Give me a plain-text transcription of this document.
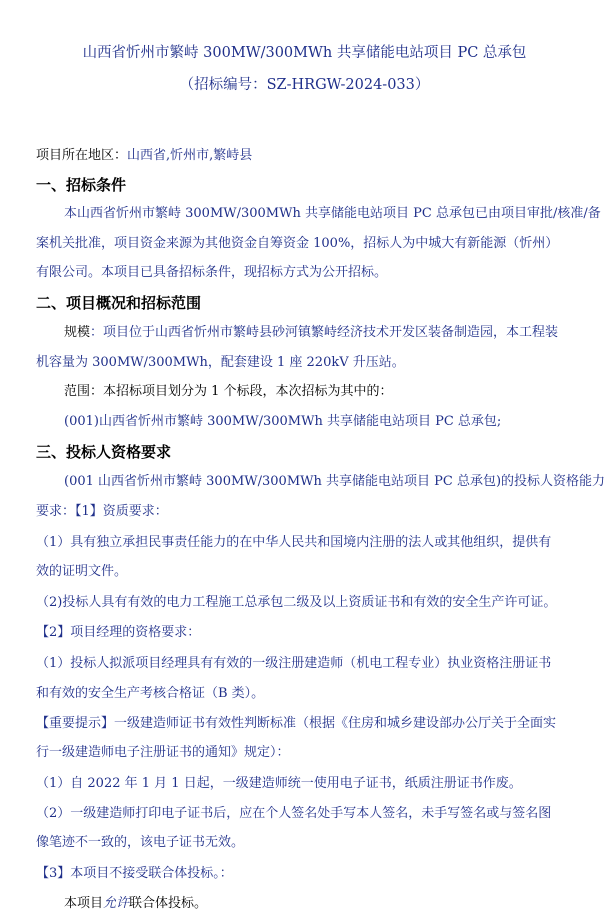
山西省忻州市繁峙 300MW/300MWh 共享储能电站项目 PC 总承包
（招标编号：SZ-HRGW-2024-033）
项目所在地区：山西省,忻州市,繁峙县
一、招标条件
本山西省忻州市繁峙 300MW/300MWh 共享储能电站项目 PC 总承包已由项目审批/核准/备
案机关批准，项目资金来源为其他资金自筹资金 100%，招标人为中城大有新能源（忻州）
有限公司。本项目已具备招标条件，现招标方式为公开招标。
二、项目概况和招标范围
规模：项目位于山西省忻州市繁峙县砂河镇繁峙经济技术开发区装备制造园，本工程装
机容量为 300MW/300MWh，配套建设 1 座 220kV 升压站。
范围：本招标项目划分为 1 个标段，本次招标为其中的：
(001)山西省忻州市繁峙 300MW/300MWh 共享储能电站项目 PC 总承包;
三、投标人资格要求
(001 山西省忻州市繁峙 300MW/300MWh 共享储能电站项目 PC 总承包)的投标人资格能力
要求：【1】资质要求：
（1）具有独立承担民事责任能力的在中华人民共和国境内注册的法人或其他组织，提供有
效的证明文件。
（2)投标人具有有效的电力工程施工总承包二级及以上资质证书和有效的安全生产许可证。
【2】项目经理的资格要求：
（1）投标人拟派项目经理具有有效的一级注册建造师（机电工程专业）执业资格注册证书
和有效的安全生产考核合格证（B 类）。
【重要提示】一级建造师证书有效性判断标准（根据《住房和城乡建设部办公厅关于全面实
行一级建造师电子注册证书的通知》规定）：
（1）自 2022 年 1 月 1 日起，一级建造师统一使用电子证书，纸质注册证书作废。
（2）一级建造师打印电子证书后，应在个人签名处手写本人签名，未手写签名或与签名图
像笔迹不一致的，该电子证书无效。
【3】本项目不接受联合体投标。：
本项目允许联合体投标。
